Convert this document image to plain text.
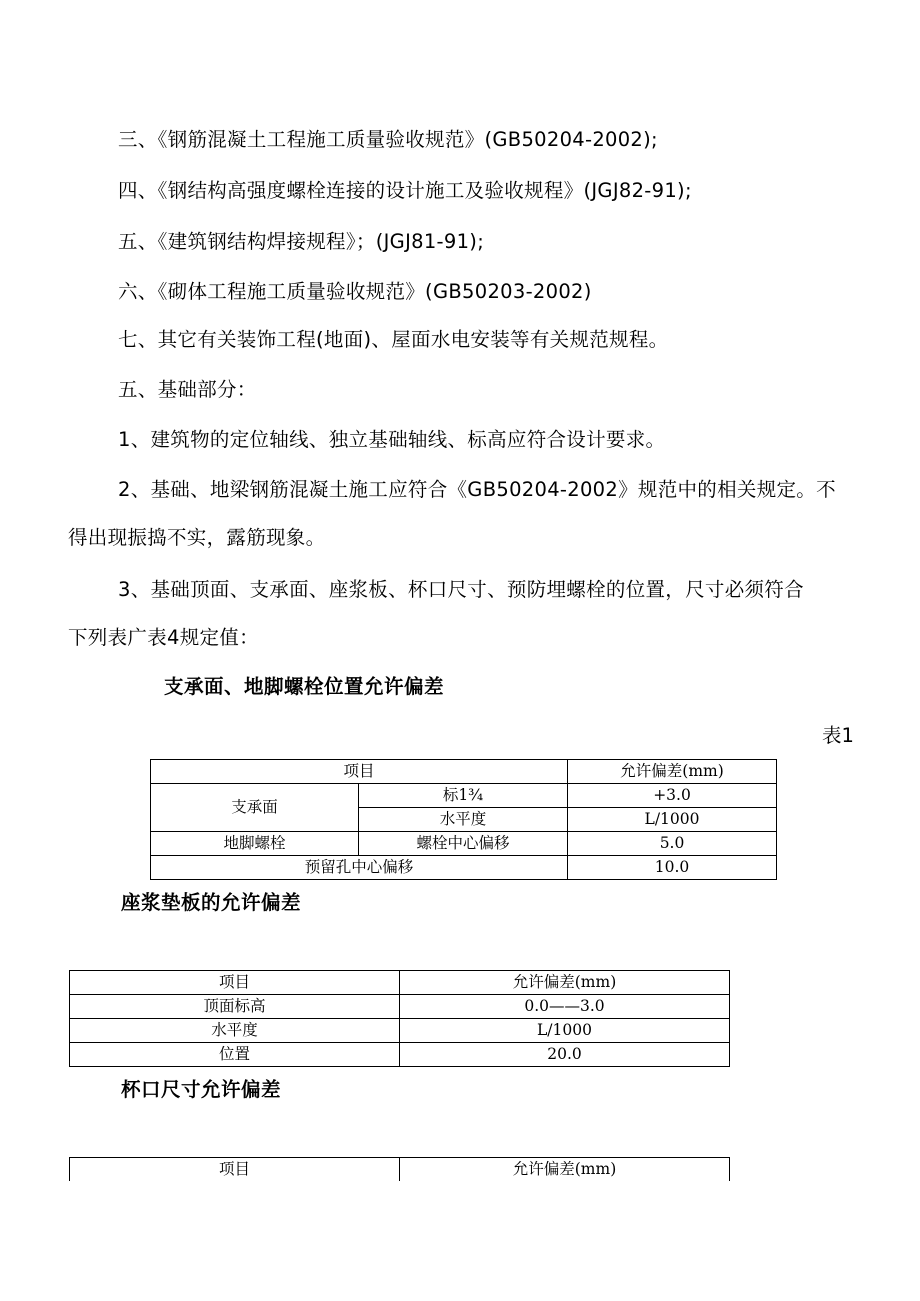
三、《钢筋混凝土工程施工质量验收规范》(GB50204-2002);
四、《钢结构高强度螺栓连接的设计施工及验收规程》(JGJ82-91);
五、《建筑钢结构焊接规程》；(JGJ81-91);
六、《砌体工程施工质量验收规范》(GB50203-2002)
七、其它有关装饰工程(地面)、屋面水电安装等有关规范规程。
五、基础部分：
1、建筑物的定位轴线、独立基础轴线、标高应符合设计要求。
2、基础、地梁钢筋混凝土施工应符合《GB50204-2002》规范中的相关规定。不
得出现振捣不实，露筋现象。
3、基础顶面、支承面、座浆板、杯口尺寸、预防埋螺栓的位置，尺寸必须符合
下列表广表4规定值：
支承面、地脚螺栓位置允许偏差
表1
项目		允许偏差(mm)
支承面	标1¾	+3.0
	水平度	L/1000
地脚螺栓	螺栓中心偏移	5.0
预留孔中心偏移		10.0
座浆垫板的允许偏差
项目	允许偏差(mm)
顶面标高	0.0——3.0
水平度	L/1000
位置	20.0
杯口尺寸允许偏差
项目	允许偏差(mm)
